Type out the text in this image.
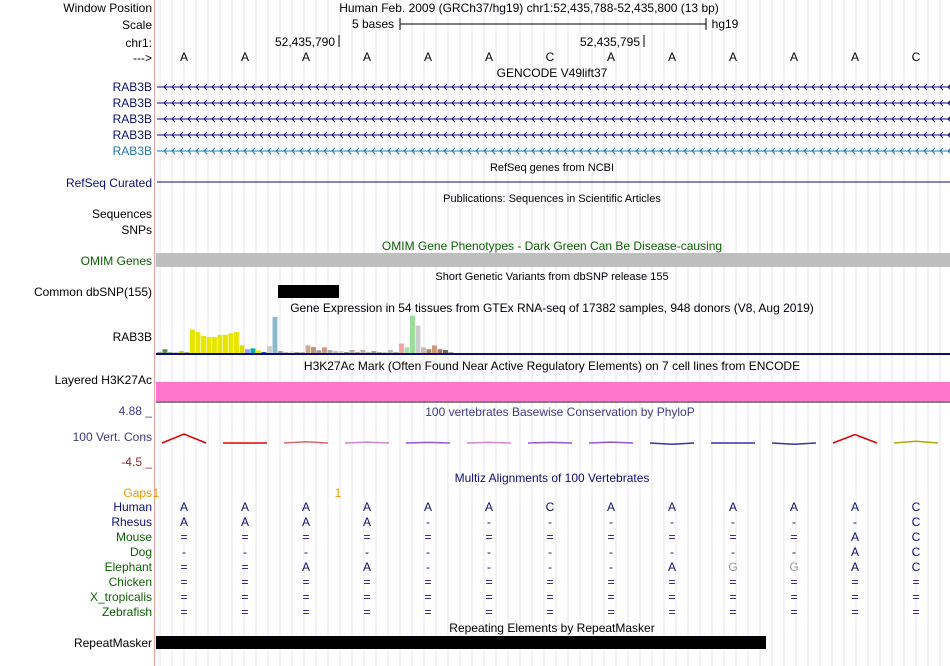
Window Position	Human Feb. 2009 (GRCh37/hg19) chr1:52,435,788-52,435,800 (13 bp)
Scale	5 bases	hg19
chr1:	52,435,790	52,435,795
---> A	A	A	A	A	A	C	A	A	A	A	A	C
GENCODE V49lift37
RAB3B
RAB3B
RAB3B
RAB3B
RAB3B
RefSeq genes from NCBI
RefSeq Curated
Publications: Sequences in Scientific Articles
Sequences
SNPs
OMIM Gene Phenotypes - Dark Green Can Be Disease-causing
OMIM Genes
Short Genetic Variants from dbSNP release 155
Common dbSNP(155)
Gene Expression in 54 tissues from GTEx RNA-seq of 17382 samples, 948 donors (V8, Aug 2019)
RAB3B
H3K27Ac Mark (Often Found Near Active Regulatory Elements) on 7 cell lines from ENCODE
Layered H3K27Ac
100 vertebrates Basewise Conservation by PhyloP
4.88 _
100 Vert. Cons
-4.5 _
Multiz Alignments of 100 Vertebrates
Gaps 1	1
Human A	A	A	A	A	A	C	A	A	A	A	A	C
Rhesus A	A	A	A	-	-	-	-	-	-	-	-	C
Mouse =	=	=	=	=	=	=	=	=	=	=	A	C
Dog	-	-	-	-	-	-	-	-	-	-	-	A	C
Elephant =	=	A	A	-	-	-	-	A	G	G	A	C
Chicken =	=	=	=	=	=	=	=	=	=	=	=	=
X_tropicalis =	=	=	=	=	=	=	=	=	=	=	=	=
Zebrafish =	=	=	=	=	=	=	=	=	=	=	=	=
Repeating Elements by RepeatMasker
RepeatMasker
